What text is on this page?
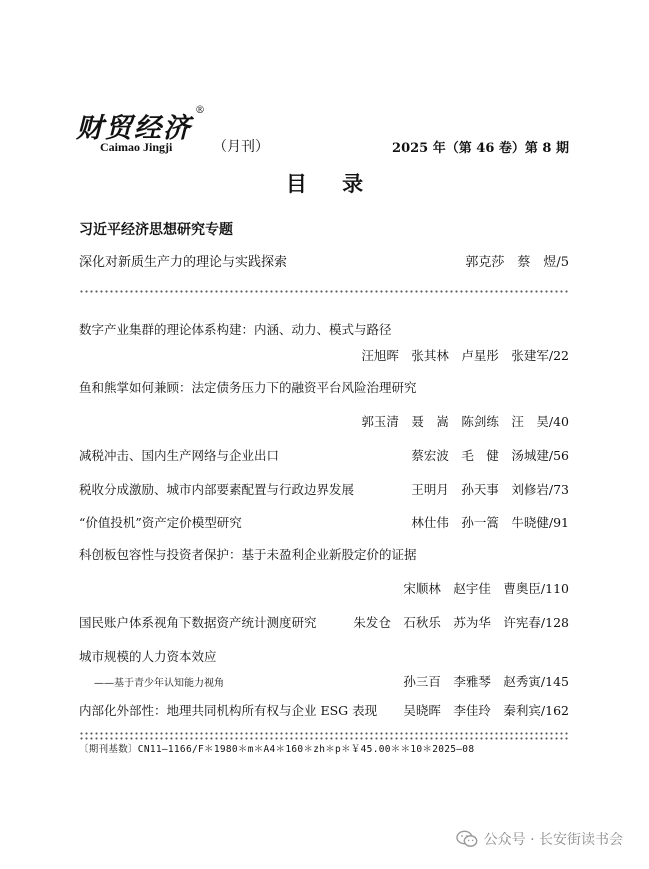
财贸经济
®
Caimao Jingji	（月刊）	2025 年（第 46 卷）第 8 期
目 录
习近平经济思想研究专题
深化对新质生产力的理论与实践探索	郭克莎　蔡　煜/5
数字产业集群的理论体系构建：内涵、动力、模式与路径
汪旭晖　张其林　卢星彤　张建军/22
鱼和熊掌如何兼顾：法定债务压力下的融资平台风险治理研究
郭玉清　聂　嵩　陈剑练　汪　昊/40
减税冲击、国内生产网络与企业出口	蔡宏波　毛　健　汤城建/56
税收分成激励、城市内部要素配置与行政边界发展	王明月　孙天事　刘修岩/73
“价值投机”资产定价模型研究	林仕伟　孙一篙　牛晓健/91
科创板包容性与投资者保护：基于未盈利企业新股定价的证据
宋顺林　赵宇佳　曹奥臣/110
国民账户体系视角下数据资产统计测度研究	朱发仓　石秋乐　苏为华　许宪春/128
城市规模的人力资本效应
——基于青少年认知能力视角	孙三百　李雅琴　赵秀寅/145
内部化外部性：地理共同机构所有权与企业 ESG 表现 吴晓晖　李佳玲　秦利宾/162
〔期刊基数〕CN11—1166/F＊1980＊m＊A4＊160＊zh＊p＊￥45.00＊＊10＊2025—08
公众号 · 长安街读书会
